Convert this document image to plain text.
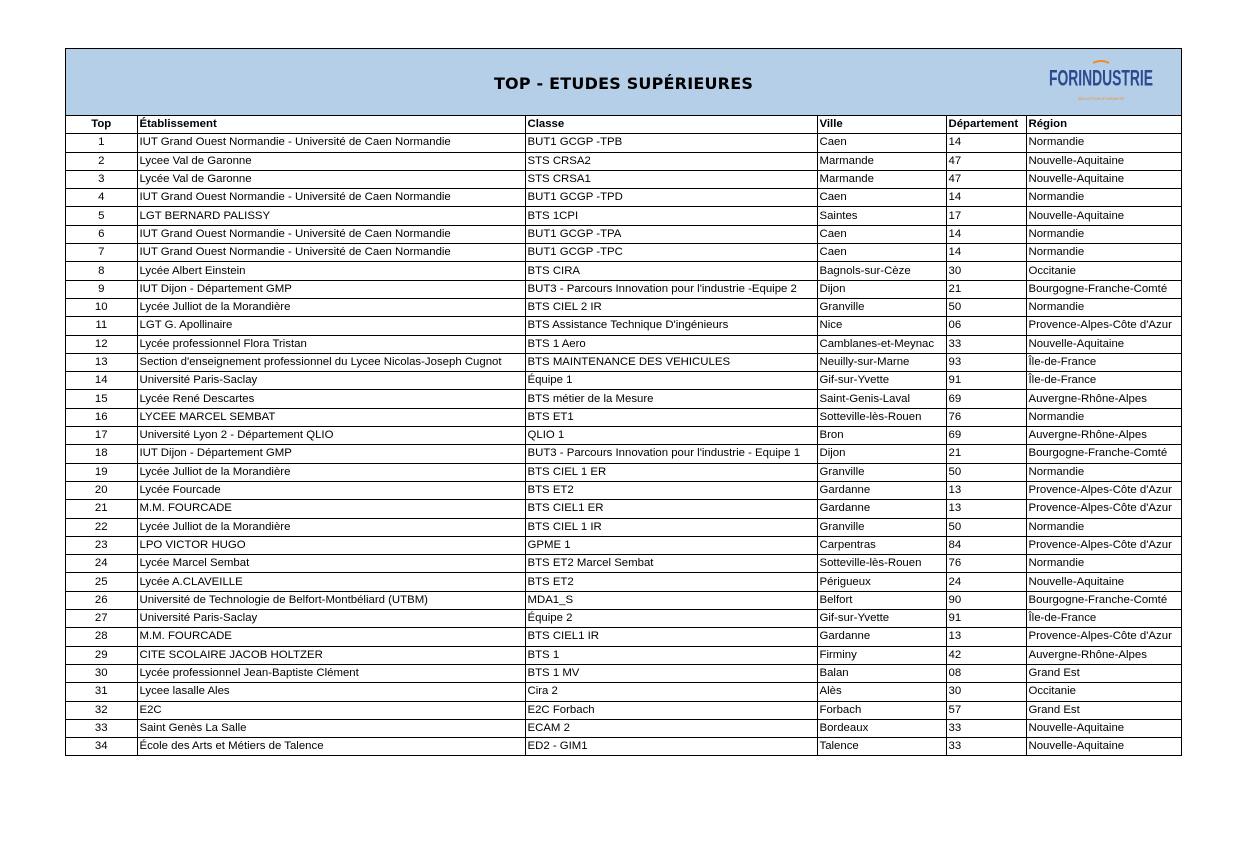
TOP - ETUDES SUPÉRIEURES	FORINDUSTRIE
SÉLECTION ETUDIANTE
Top	Établissement	Classe	Ville	Département	Région
1	IUT Grand Ouest Normandie - Université de Caen Normandie	BUT1 GCGP -TPB	Caen	14	Normandie
2	Lycee Val de Garonne	STS CRSA2	Marmande	47	Nouvelle-Aquitaine
3	Lycée Val de Garonne	STS CRSA1	Marmande	47	Nouvelle-Aquitaine
4	IUT Grand Ouest Normandie - Université de Caen Normandie	BUT1 GCGP -TPD	Caen	14	Normandie
5	LGT BERNARD PALISSY	BTS 1CPI	Saintes	17	Nouvelle-Aquitaine
6	IUT Grand Ouest Normandie - Université de Caen Normandie	BUT1 GCGP -TPA	Caen	14	Normandie
7	IUT Grand Ouest Normandie - Université de Caen Normandie	BUT1 GCGP -TPC	Caen	14	Normandie
8	Lycée Albert Einstein	BTS CIRA	Bagnols-sur-Cèze	30	Occitanie
9	IUT Dijon - Département GMP	BUT3 - Parcours Innovation pour l'industrie -Equipe 2	Dijon	21	Bourgogne-Franche-Comté
10	Lycée Julliot de la Morandière	BTS CIEL 2 IR	Granville	50	Normandie
11	LGT G. Apollinaire	BTS Assistance Technique D'ingénieurs	Nice	06	Provence-Alpes-Côte d'Azur
12	Lycée professionnel Flora Tristan	BTS 1 Aero	Camblanes-et-Meynac	33	Nouvelle-Aquitaine
13	Section d'enseignement professionnel du Lycee Nicolas-Joseph Cugnot	BTS MAINTENANCE DES VEHICULES	Neuilly-sur-Marne	93	Île-de-France
14	Université Paris-Saclay	Équipe 1	Gif-sur-Yvette	91	Île-de-France
15	Lycée René Descartes	BTS métier de la Mesure	Saint-Genis-Laval	69	Auvergne-Rhône-Alpes
16	LYCEE MARCEL SEMBAT	BTS ET1	Sotteville-lès-Rouen	76	Normandie
17	Université Lyon 2 - Département QLIO	QLIO 1	Bron	69	Auvergne-Rhône-Alpes
18	IUT Dijon - Département GMP	BUT3 - Parcours Innovation pour l'industrie - Equipe 1	Dijon	21	Bourgogne-Franche-Comté
19	Lycée Julliot de la Morandière	BTS CIEL 1 ER	Granville	50	Normandie
20	Lycée Fourcade	BTS ET2	Gardanne	13	Provence-Alpes-Côte d'Azur
21	M.M. FOURCADE	BTS CIEL1 ER	Gardanne	13	Provence-Alpes-Côte d'Azur
22	Lycée Julliot de la Morandière	BTS CIEL 1 IR	Granville	50	Normandie
23	LPO VICTOR HUGO	GPME 1	Carpentras	84	Provence-Alpes-Côte d'Azur
24	Lycée Marcel Sembat	BTS ET2 Marcel Sembat	Sotteville-lès-Rouen	76	Normandie
25	Lycée A.CLAVEILLE	BTS ET2	Périgueux	24	Nouvelle-Aquitaine
26	Université de Technologie de Belfort-Montbéliard (UTBM)	MDA1_S	Belfort	90	Bourgogne-Franche-Comté
27	Université Paris-Saclay	Équipe 2	Gif-sur-Yvette	91	Île-de-France
28	M.M. FOURCADE	BTS CIEL1 IR	Gardanne	13	Provence-Alpes-Côte d'Azur
29	CITE SCOLAIRE JACOB HOLTZER	BTS 1	Firminy	42	Auvergne-Rhône-Alpes
30	Lycée professionnel Jean-Baptiste Clément	BTS 1 MV	Balan	08	Grand Est
31	Lycee lasalle Ales	Cira 2	Alès	30	Occitanie
32	E2C	E2C Forbach	Forbach	57	Grand Est
33	Saint Genès La Salle	ECAM 2	Bordeaux	33	Nouvelle-Aquitaine
34	École des Arts et Métiers de Talence	ED2 - GIM1	Talence	33	Nouvelle-Aquitaine
